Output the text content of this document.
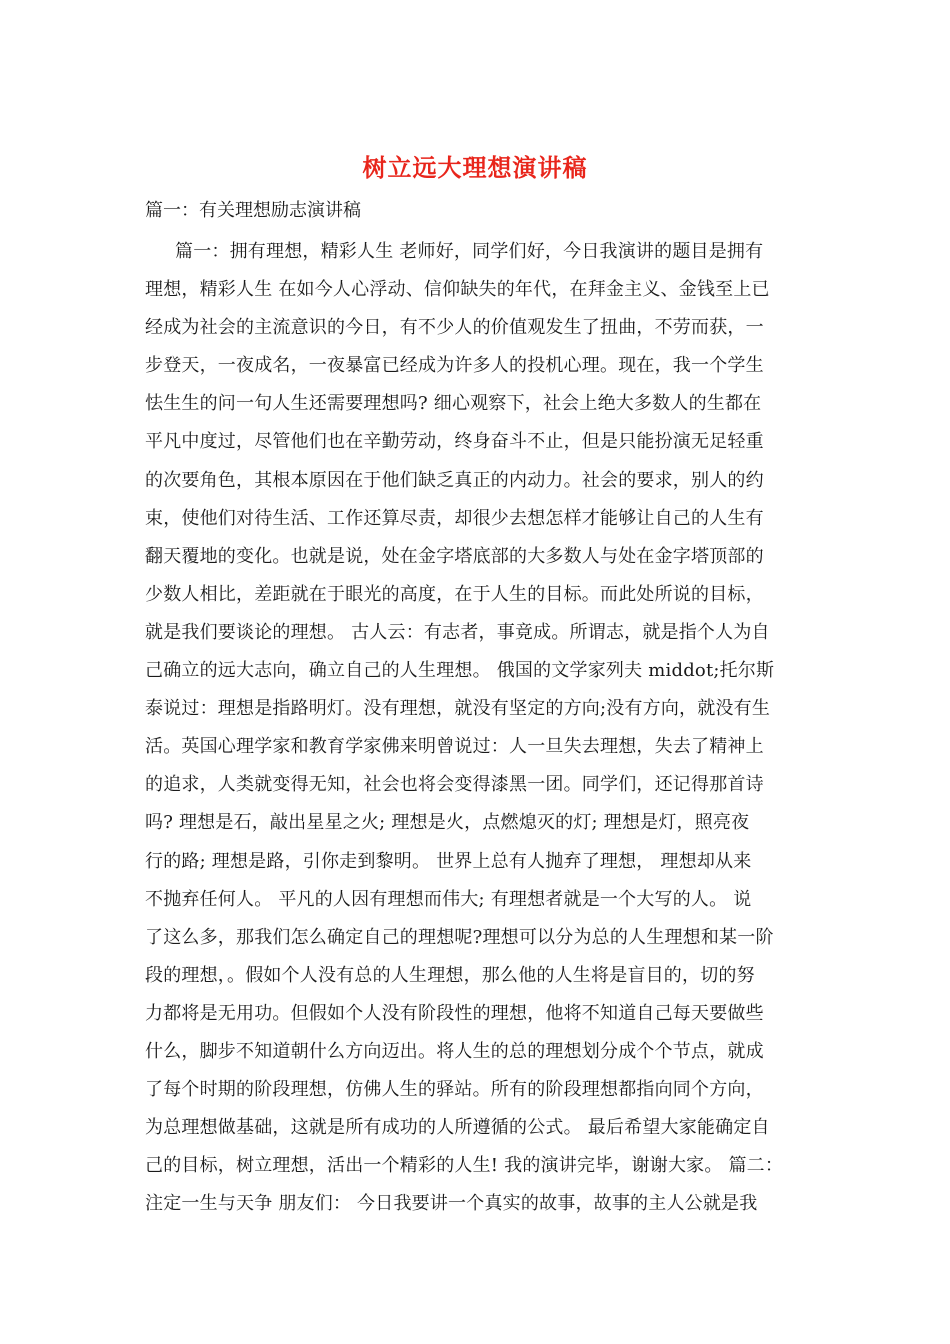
树立远大理想演讲稿

篇一：有关理想励志演讲稿

篇一：拥有理想，精彩人生 老师好，同学们好，今日我演讲的题目是拥有
理想，精彩人生 在如今人心浮动、信仰缺失的年代，在拜金主义、金钱至上已
经成为社会的主流意识的今日，有不少人的价值观发生了扭曲，不劳而获，一
步登天，一夜成名，一夜暴富已经成为许多人的投机心理。现在，我一个学生
怯生生的问一句人生还需要理想吗? 细心观察下，社会上绝大多数人的生都在
平凡中度过，尽管他们也在辛勤劳动，终身奋斗不止，但是只能扮演无足轻重
的次要角色，其根本原因在于他们缺乏真正的内动力。社会的要求，别人的约
束，使他们对待生活、工作还算尽责，却很少去想怎样才能够让自己的人生有
翻天覆地的变化。也就是说，处在金字塔底部的大多数人与处在金字塔顶部的
少数人相比，差距就在于眼光的高度，在于人生的目标。而此处所说的目标，
就是我们要谈论的理想。 古人云：有志者，事竟成。所谓志，就是指个人为自
己确立的远大志向，确立自己的人生理想。 俄国的文学家列夫 middot;托尔斯
泰说过：理想是指路明灯。没有理想，就没有坚定的方向;没有方向，就没有生
活。英国心理学家和教育学家佛来明曾说过：人一旦失去理想，失去了精神上
的追求，人类就变得无知，社会也将会变得漆黑一团。同学们，还记得那首诗
吗? 理想是石，敲出星星之火; 理想是火，点燃熄灭的灯; 理想是灯，照亮夜
行的路; 理想是路，引你走到黎明。 世界上总有人抛弃了理想， 理想却从来
不抛弃任何人。 平凡的人因有理想而伟大; 有理想者就是一个大写的人。 说
了这么多，那我们怎么确定自己的理想呢?理想可以分为总的人生理想和某一阶
段的理想，。假如个人没有总的人生理想，那么他的人生将是盲目的，切的努
力都将是无用功。但假如个人没有阶段性的理想，他将不知道自己每天要做些
什么，脚步不知道朝什么方向迈出。将人生的总的理想划分成个个节点，就成
了每个时期的阶段理想，仿佛人生的驿站。所有的阶段理想都指向同个方向，
为总理想做基础，这就是所有成功的人所遵循的公式。 最后希望大家能确定自
己的目标，树立理想，活出一个精彩的人生! 我的演讲完毕，谢谢大家。 篇二：
注定一生与天争 朋友们： 今日我要讲一个真实的故事，故事的主人公就是我
